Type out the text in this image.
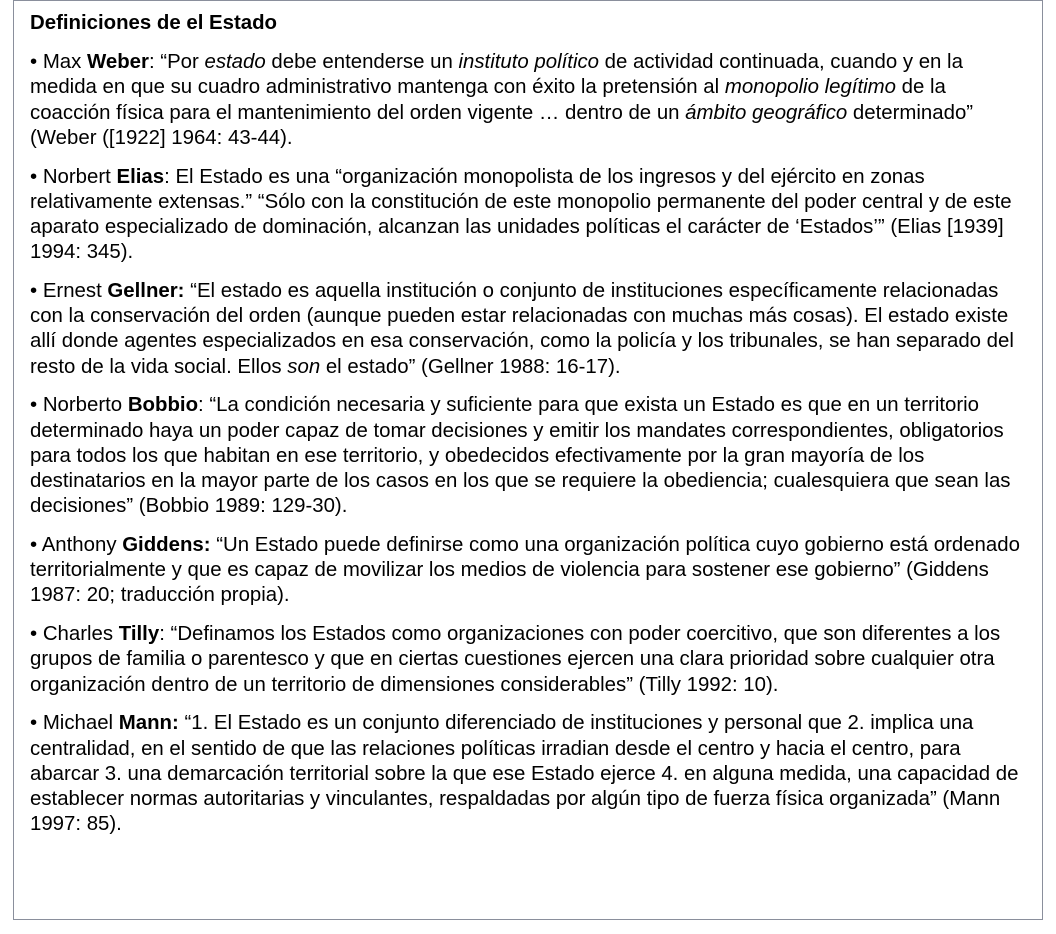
Definiciones de el Estado
• Max Weber: “Por estado debe entenderse un instituto político de actividad continuada, cuando y en la medida en que su cuadro administrativo mantenga con éxito la pretensión al monopolio legítimo de la coacción física para el mantenimiento del orden vigente … dentro de un ámbito geográfico determinado” (Weber ([1922] 1964: 43-44).
• Norbert Elias: El Estado es una “organización monopolista de los ingresos y del ejército en zonas relativamente extensas.” “Sólo con la constitución de este monopolio permanente del poder central y de este aparato especializado de dominación, alcanzan las unidades políticas el carácter de ‘Estados’” (Elias [1939] 1994: 345).
• Ernest Gellner: “El estado es aquella institución o conjunto de instituciones específicamente relacionadas con la conservación del orden (aunque pueden estar relacionadas con muchas más cosas). El estado existe allí donde agentes especializados en esa conservación, como la policía y los tribunales, se han separado del resto de la vida social. Ellos son el estado” (Gellner 1988: 16-17).
• Norberto Bobbio: “La condición necesaria y suficiente para que exista un Estado es que en un territorio determinado haya un poder capaz de tomar decisiones y emitir los mandates correspondientes, obligatorios para todos los que habitan en ese territorio, y obedecidos efectivamente por la gran mayoría de los destinatarios en la mayor parte de los casos en los que se requiere la obediencia; cualesquiera que sean las decisiones” (Bobbio 1989: 129-30).
• Anthony Giddens: “Un Estado puede definirse como una organización política cuyo gobierno está ordenado territorialmente y que es capaz de movilizar los medios de violencia para sostener ese gobierno” (Giddens 1987: 20; traducción propia).
• Charles Tilly: “Definamos los Estados como organizaciones con poder coercitivo, que son diferentes a los grupos de familia o parentesco y que en ciertas cuestiones ejercen una clara prioridad sobre cualquier otra organización dentro de un territorio de dimensiones considerables” (Tilly 1992: 10).
• Michael Mann: “1. El Estado es un conjunto diferenciado de instituciones y personal que 2. implica una centralidad, en el sentido de que las relaciones políticas irradian desde el centro y hacia el centro, para abarcar 3. una demarcación territorial sobre la que ese Estado ejerce 4. en alguna medida, una capacidad de establecer normas autoritarias y vinculantes, respaldadas por algún tipo de fuerza física organizada” (Mann 1997: 85).
